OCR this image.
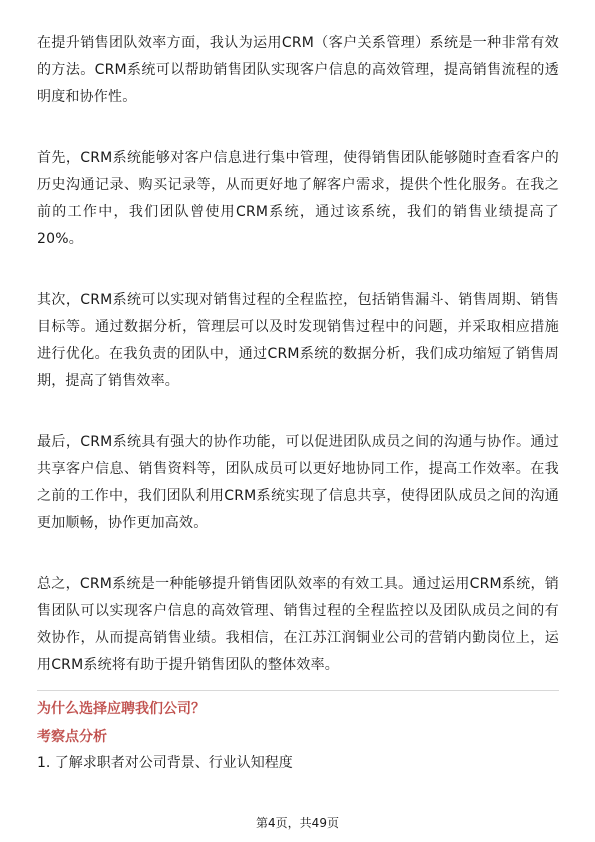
在提升销售团队效率方面，我认为运用CRM（客户关系管理）系统是一种非常有效的方法。CRM系统可以帮助销售团队实现客户信息的高效管理，提高销售流程的透明度和协作性。

首先，CRM系统能够对客户信息进行集中管理，使得销售团队能够随时查看客户的历史沟通记录、购买记录等，从而更好地了解客户需求，提供个性化服务。在我之前的工作中，我们团队曾使用CRM系统，通过该系统，我们的销售业绩提高了20%。

其次，CRM系统可以实现对销售过程的全程监控，包括销售漏斗、销售周期、销售目标等。通过数据分析，管理层可以及时发现销售过程中的问题，并采取相应措施进行优化。在我负责的团队中，通过CRM系统的数据分析，我们成功缩短了销售周期，提高了销售效率。

最后，CRM系统具有强大的协作功能，可以促进团队成员之间的沟通与协作。通过共享客户信息、销售资料等，团队成员可以更好地协同工作，提高工作效率。在我之前的工作中，我们团队利用CRM系统实现了信息共享，使得团队成员之间的沟通更加顺畅，协作更加高效。

总之，CRM系统是一种能够提升销售团队效率的有效工具。通过运用CRM系统，销售团队可以实现客户信息的高效管理、销售过程的全程监控以及团队成员之间的有效协作，从而提高销售业绩。我相信，在江苏江润铜业公司的营销内勤岗位上，运用CRM系统将有助于提升销售团队的整体效率。

为什么选择应聘我们公司？
考察点分析
1. 了解求职者对公司背景、行业认知程度
第4页，共49页
